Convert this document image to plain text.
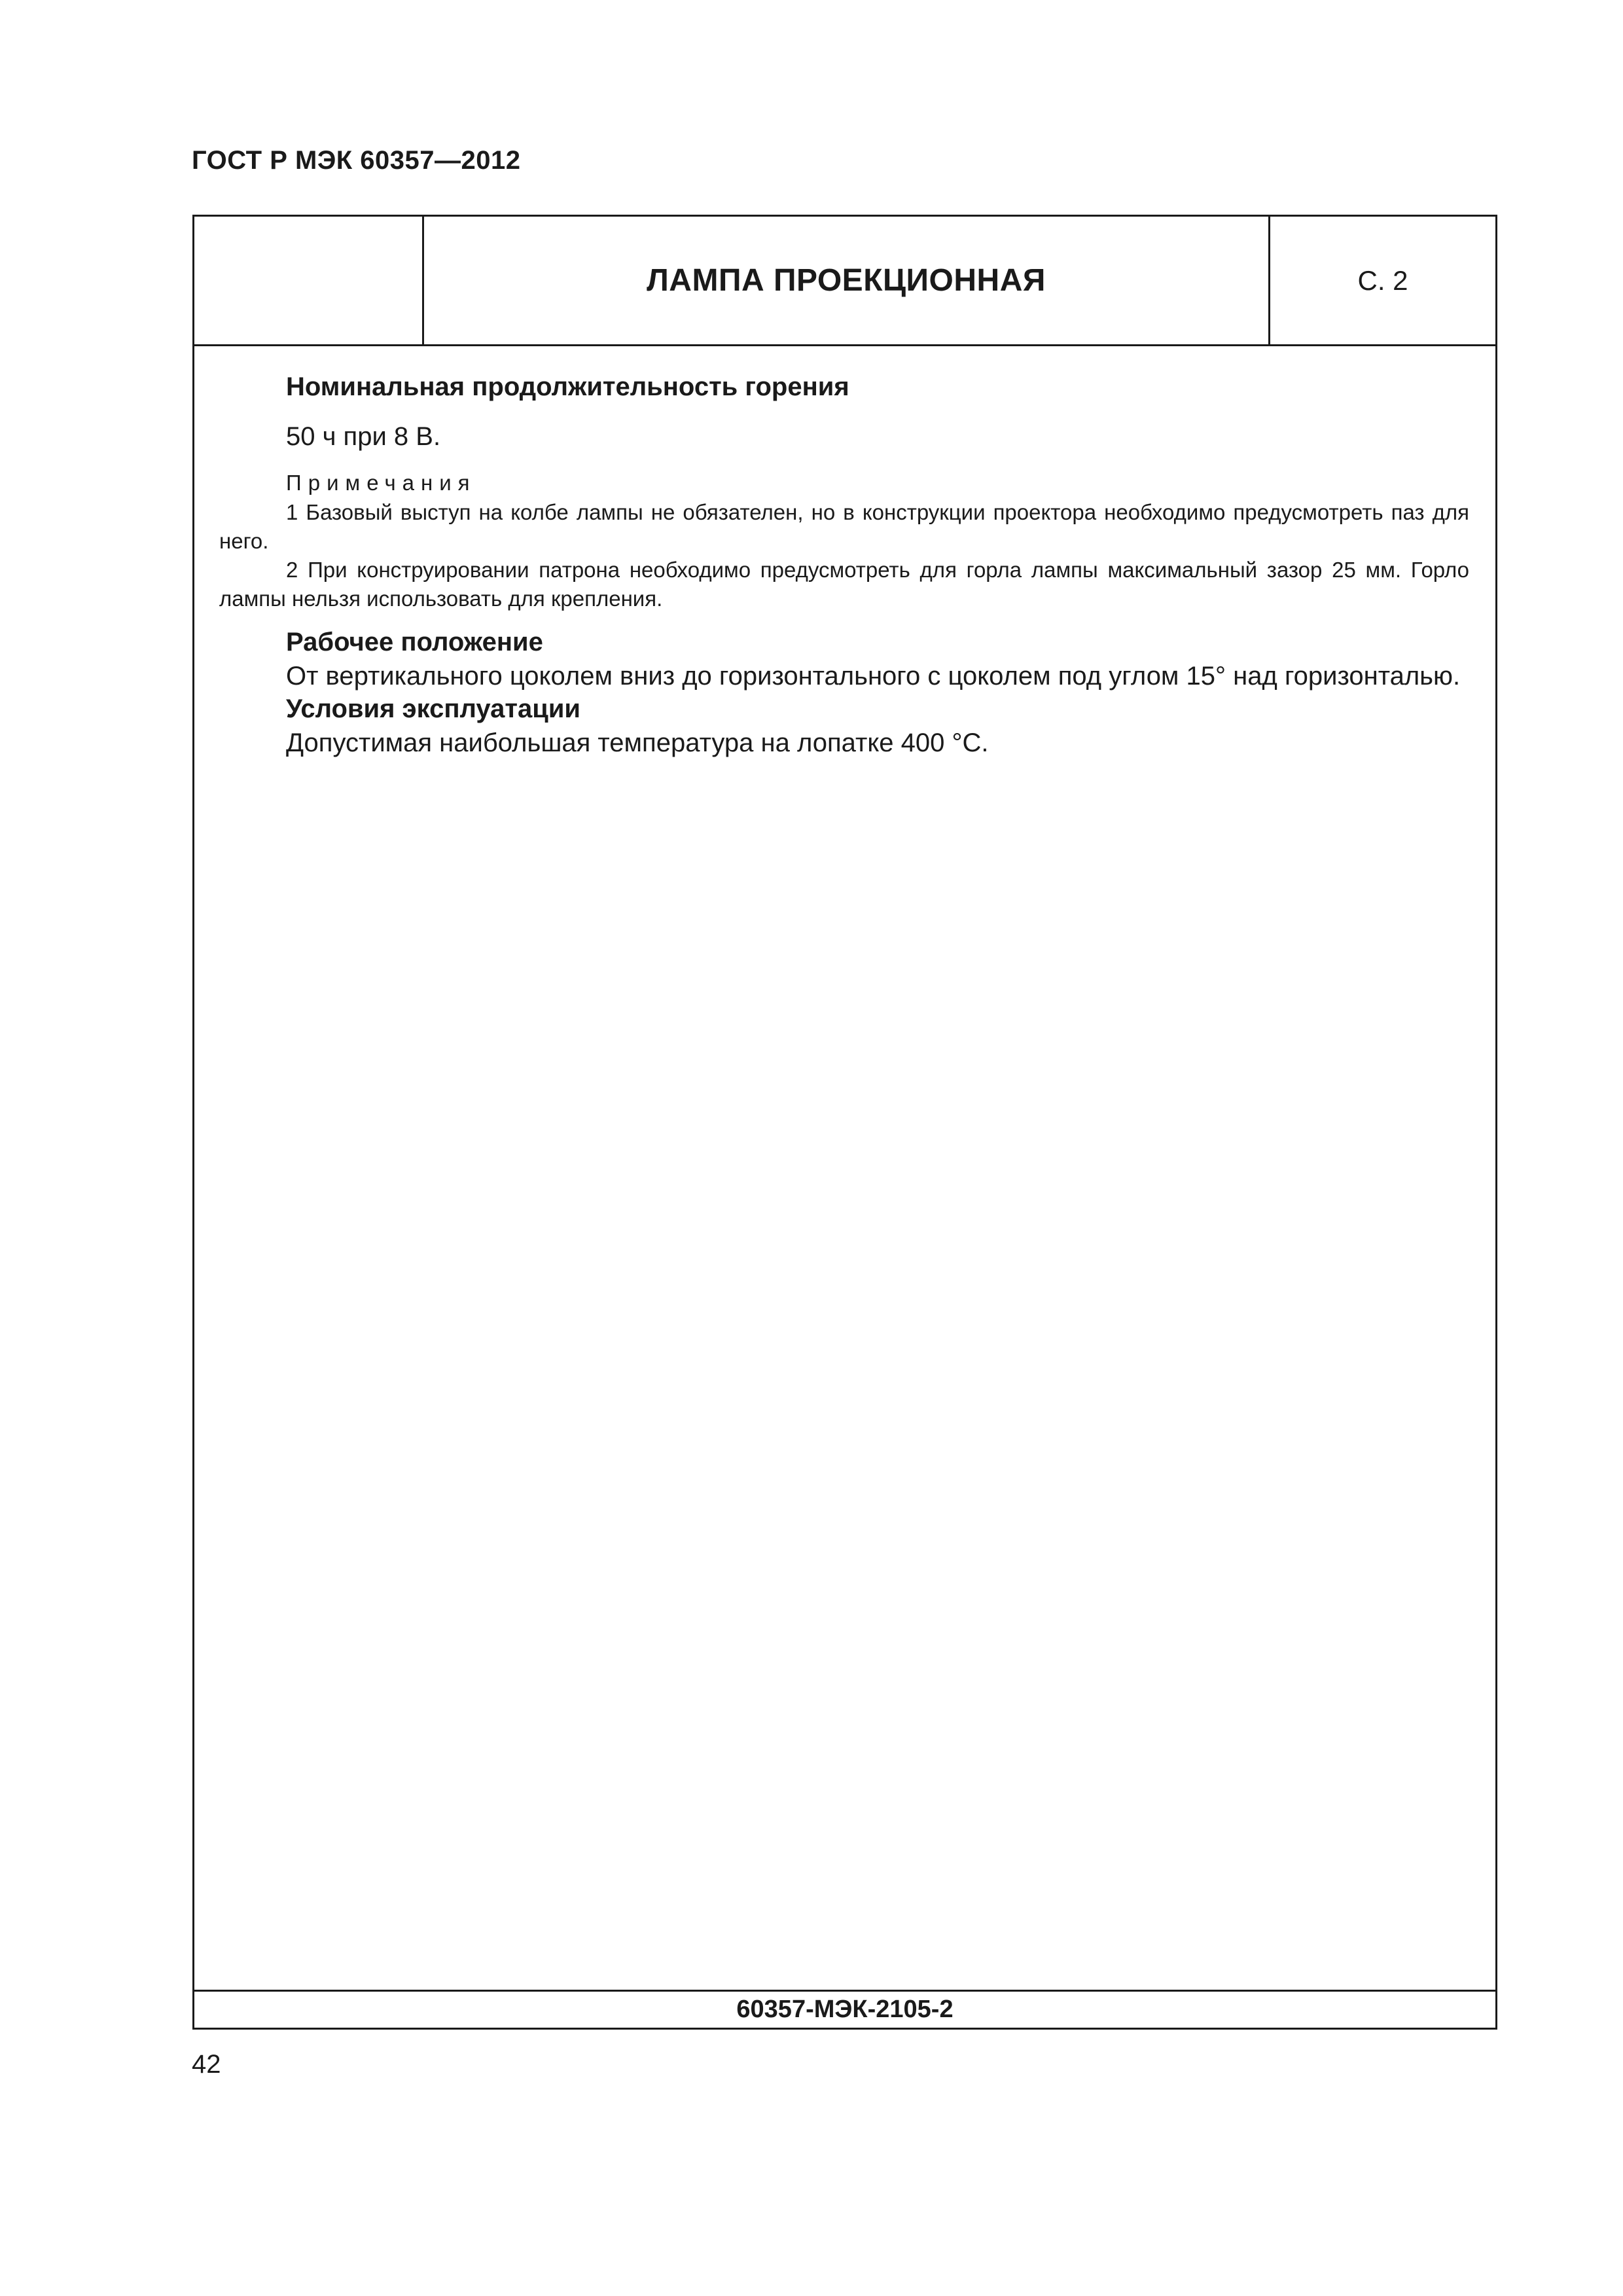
ГОСТ Р МЭК 60357—2012
ЛАМПА ПРОЕКЦИОННАЯ	С. 2

Номинальная продолжительность горения

50 ч при 8 В.

Примечания

1 Базовый выступ на колбе лампы не обязателен, но в конструкции проектора необходимо предусмотреть паз для него.

2 При конструировании патрона необходимо предусмотреть для горла лампы максимальный зазор 25 мм. Горло лампы нельзя использовать для крепления.

Рабочее положение

От вертикального цоколем вниз до горизонтального с цоколем под углом 15° над горизонталью.

Условия эксплуатации

Допустимая наибольшая температура на лопатке 400 °С.

60357-МЭК-2105-2
42
